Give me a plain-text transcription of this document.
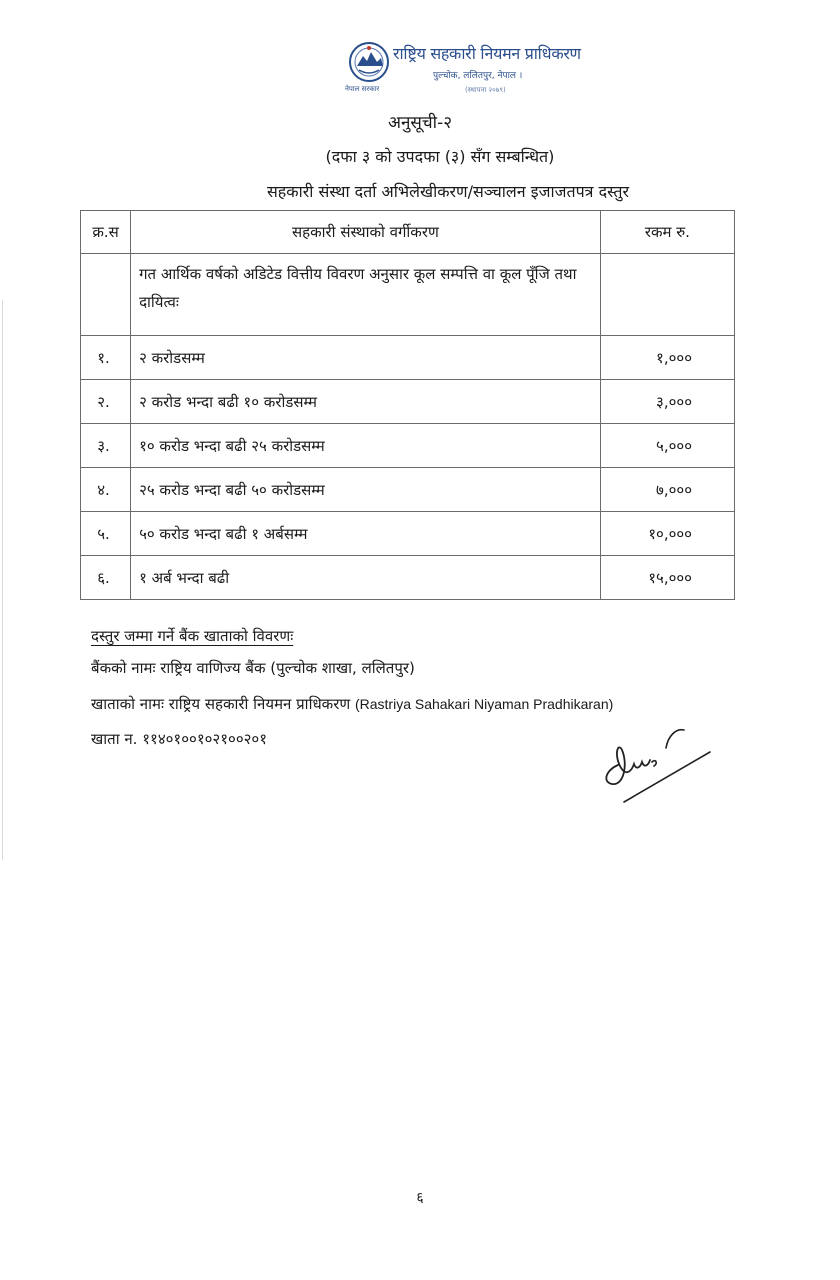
नेपाल सरकार
राष्ट्रिय सहकारी नियमन प्राधिकरण
पुल्चोक, ललितपुर, नेपाल ।
(स्थापना २०७९)
अनुसूची-२
(दफा ३ को उपदफा (३) सँग सम्बन्धित)
सहकारी संस्था दर्ता अभिलेखीकरण/सञ्चालन इजाजतपत्र दस्तुर
क्र.स	सहकारी संस्थाको वर्गीकरण	रकम रु.
	गत आर्थिक वर्षको अडिटेड वित्तीय विवरण अनुसार कूल सम्पत्ति वा कूल पूँजि तथा दायित्वः	
१.	२ करोडसम्म	१,०००
२.	२ करोड भन्दा बढी १० करोडसम्म	३,०००
३.	१० करोड भन्दा बढी २५ करोडसम्म	५,०००
४.	२५ करोड भन्दा बढी ५० करोडसम्म	७,०००
५.	५० करोड भन्दा बढी १ अर्बसम्म	१०,०००
६.	१ अर्ब भन्दा बढी	१५,०००
दस्तुर जम्मा गर्ने बैंक खाताको विवरणः
बैंकको नामः राष्ट्रिय वाणिज्य बैंक (पुल्चोक शाखा, ललितपुर)
खाताको नामः राष्ट्रिय सहकारी नियमन प्राधिकरण (Rastriya Sahakari Niyaman Pradhikaran)
खाता न. ११४०१००१०२१००२०१
६
